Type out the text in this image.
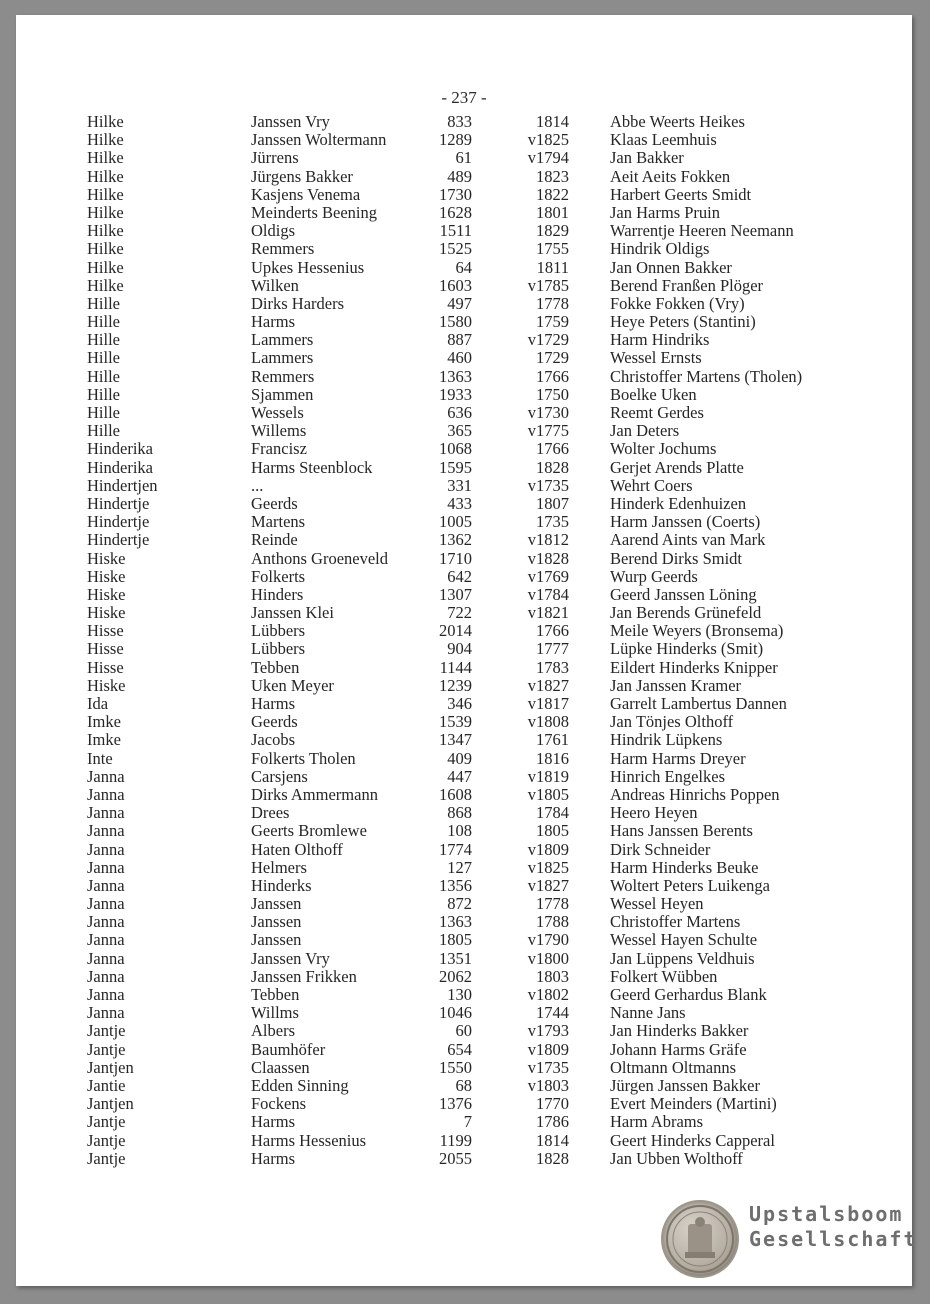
- 237 -
Hilke	Janssen Vry	833	1814 Abbe Weerts Heikes
Hilke	Janssen Woltermann	1289	v1825 Klaas Leemhuis
Hilke	Jürrens	61	v1794 Jan Bakker
Hilke	Jürgens Bakker	489	1823 Aeit Aeits Fokken
Hilke	Kasjens Venema	1730	1822 Harbert Geerts Smidt
Hilke	Meinderts Beening	1628	1801 Jan Harms Pruin
Hilke	Oldigs	1511	1829 Warrentje Heeren Neemann
Hilke	Remmers	1525	1755 Hindrik Oldigs
Hilke	Upkes Hessenius	64	1811 Jan Onnen Bakker
Hilke	Wilken	1603	v1785 Berend Franßen Plöger
Hille	Dirks Harders	497	1778 Fokke Fokken (Vry)
Hille	Harms	1580	1759 Heye Peters (Stantini)
Hille	Lammers	887	v1729 Harm Hindriks
Hille	Lammers	460	1729 Wessel Ernsts
Hille	Remmers	1363	1766 Christoffer Martens (Tholen)
Hille	Sjammen	1933	1750 Boelke Uken
Hille	Wessels	636	v1730 Reemt Gerdes
Hille	Willems	365	v1775 Jan Deters
Hinderika	Francisz	1068	1766 Wolter Jochums
Hinderika	Harms Steenblock	1595	1828 Gerjet Arends Platte
Hindertjen	...	331	v1735 Wehrt Coers
Hindertje	Geerds	433	1807 Hinderk Edenhuizen
Hindertje	Martens	1005	1735 Harm Janssen (Coerts)
Hindertje	Reinde	1362	v1812 Aarend Aints van Mark
Hiske	Anthons Groeneveld	1710	v1828 Berend Dirks Smidt
Hiske	Folkerts	642	v1769 Wurp Geerds
Hiske	Hinders	1307	v1784 Geerd Janssen Löning
Hiske	Janssen Klei	722	v1821 Jan Berends Grünefeld
Hisse	Lübbers	2014	1766 Meile Weyers (Bronsema)
Hisse	Lübbers	904	1777 Lüpke Hinderks (Smit)
Hisse	Tebben	1144	1783 Eildert Hinderks Knipper
Hiske	Uken Meyer	1239	v1827 Jan Janssen Kramer
Ida	Harms	346	v1817 Garrelt Lambertus Dannen
Imke	Geerds	1539	v1808 Jan Tönjes Olthoff
Imke	Jacobs	1347	1761 Hindrik Lüpkens
Inte	Folkerts Tholen	409	1816 Harm Harms Dreyer
Janna	Carsjens	447	v1819 Hinrich Engelkes
Janna	Dirks Ammermann	1608	v1805 Andreas Hinrichs Poppen
Janna	Drees	868	1784 Heero Heyen
Janna	Geerts Bromlewe	108	1805 Hans Janssen Berents
Janna	Haten Olthoff	1774	v1809 Dirk Schneider
Janna	Helmers	127	v1825 Harm Hinderks Beuke
Janna	Hinderks	1356	v1827 Woltert Peters Luikenga
Janna	Janssen	872	1778 Wessel Heyen
Janna	Janssen	1363	1788 Christoffer Martens
Janna	Janssen	1805	v1790 Wessel Hayen Schulte
Janna	Janssen Vry	1351	v1800 Jan Lüppens Veldhuis
Janna	Janssen Frikken	2062	1803 Folkert Wübben
Janna	Tebben	130	v1802 Geerd Gerhardus Blank
Janna	Willms	1046	1744 Nanne Jans
Jantje	Albers	60	v1793 Jan Hinderks Bakker
Jantje	Baumhöfer	654	v1809 Johann Harms Gräfe
Jantjen	Claassen	1550	v1735 Oltmann Oltmanns
Jantie	Edden Sinning	68	v1803 Jürgen Janssen Bakker
Jantjen	Fockens	1376	1770 Evert Meinders (Martini)
Jantje	Harms	7	1786 Harm Abrams
Jantje	Harms Hessenius	1199	1814 Geert Hinderks Capperal
Jantje	Harms	2055	1828 Jan Ubben Wolthoff
Upstalsboom
Gesellschaft
